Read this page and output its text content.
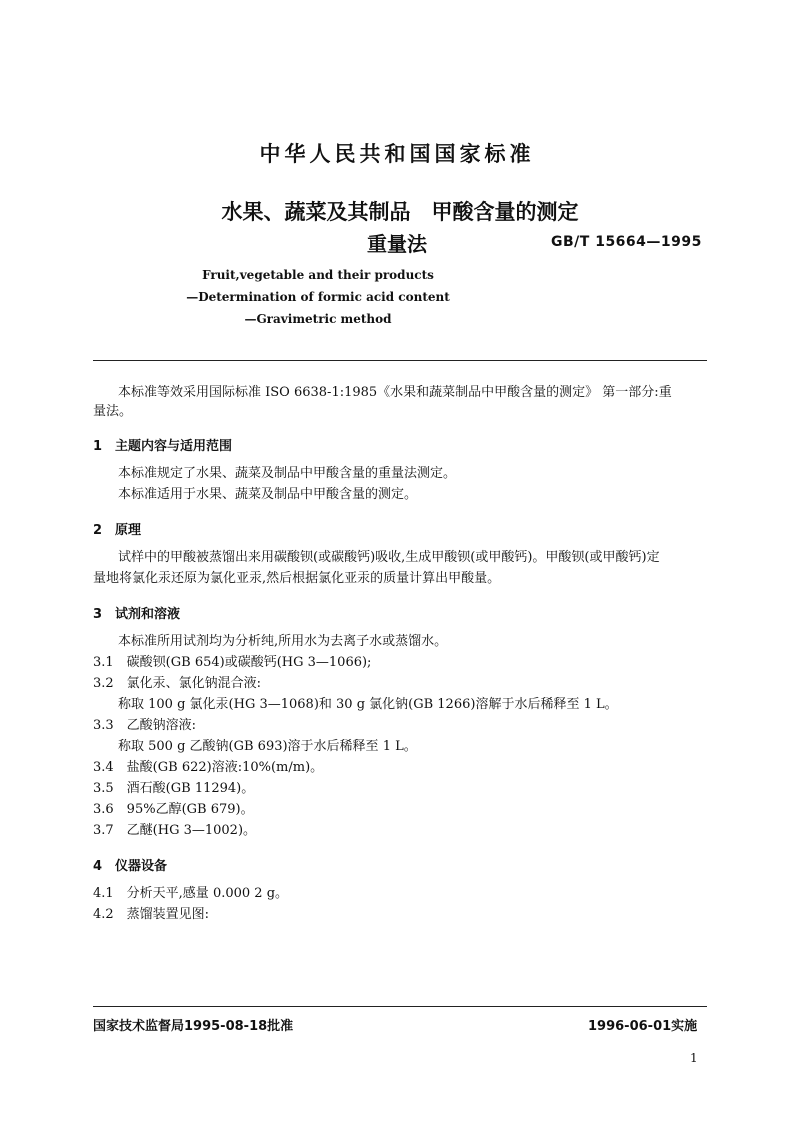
中华人民共和国国家标准
水果、蔬菜及其制品　甲酸含量的测定
重量法	GB/T 15664—1995
Fruit,vegetable and their products
—Determination of formic acid content
—Gravimetric method
本标准等效采用国际标准 ISO 6638-1:1985《水果和蔬菜制品中甲酸含量的测定》 第一部分:重
量法。
1　主题内容与适用范围
本标准规定了水果、蔬菜及制品中甲酸含量的重量法测定。
本标准适用于水果、蔬菜及制品中甲酸含量的测定。
2　原理
试样中的甲酸被蒸馏出来用碳酸钡(或碳酸钙)吸收,生成甲酸钡(或甲酸钙)。甲酸钡(或甲酸钙)定
量地将氯化汞还原为氯化亚汞,然后根据氯化亚汞的质量计算出甲酸量。
3　试剂和溶液
本标准所用试剂均为分析纯,所用水为去离子水或蒸馏水。
3.1　碳酸钡(GB 654)或碳酸钙(HG 3—1066);
3.2　氯化汞、氯化钠混合液:
称取 100 g 氯化汞(HG 3—1068)和 30 g 氯化钠(GB 1266)溶解于水后稀释至 1 L。
3.3　乙酸钠溶液:
称取 500 g 乙酸钠(GB 693)溶于水后稀释至 1 L。
3.4　盐酸(GB 622)溶液:10%(m/m)。
3.5　酒石酸(GB 11294)。
3.6　95%乙醇(GB 679)。
3.7　乙醚(HG 3—1002)。
4　仪器设备
4.1　分析天平,感量 0.000 2 g。
4.2　蒸馏装置见图:
国家技术监督局1995-08-18批准	1996-06-01实施
1
